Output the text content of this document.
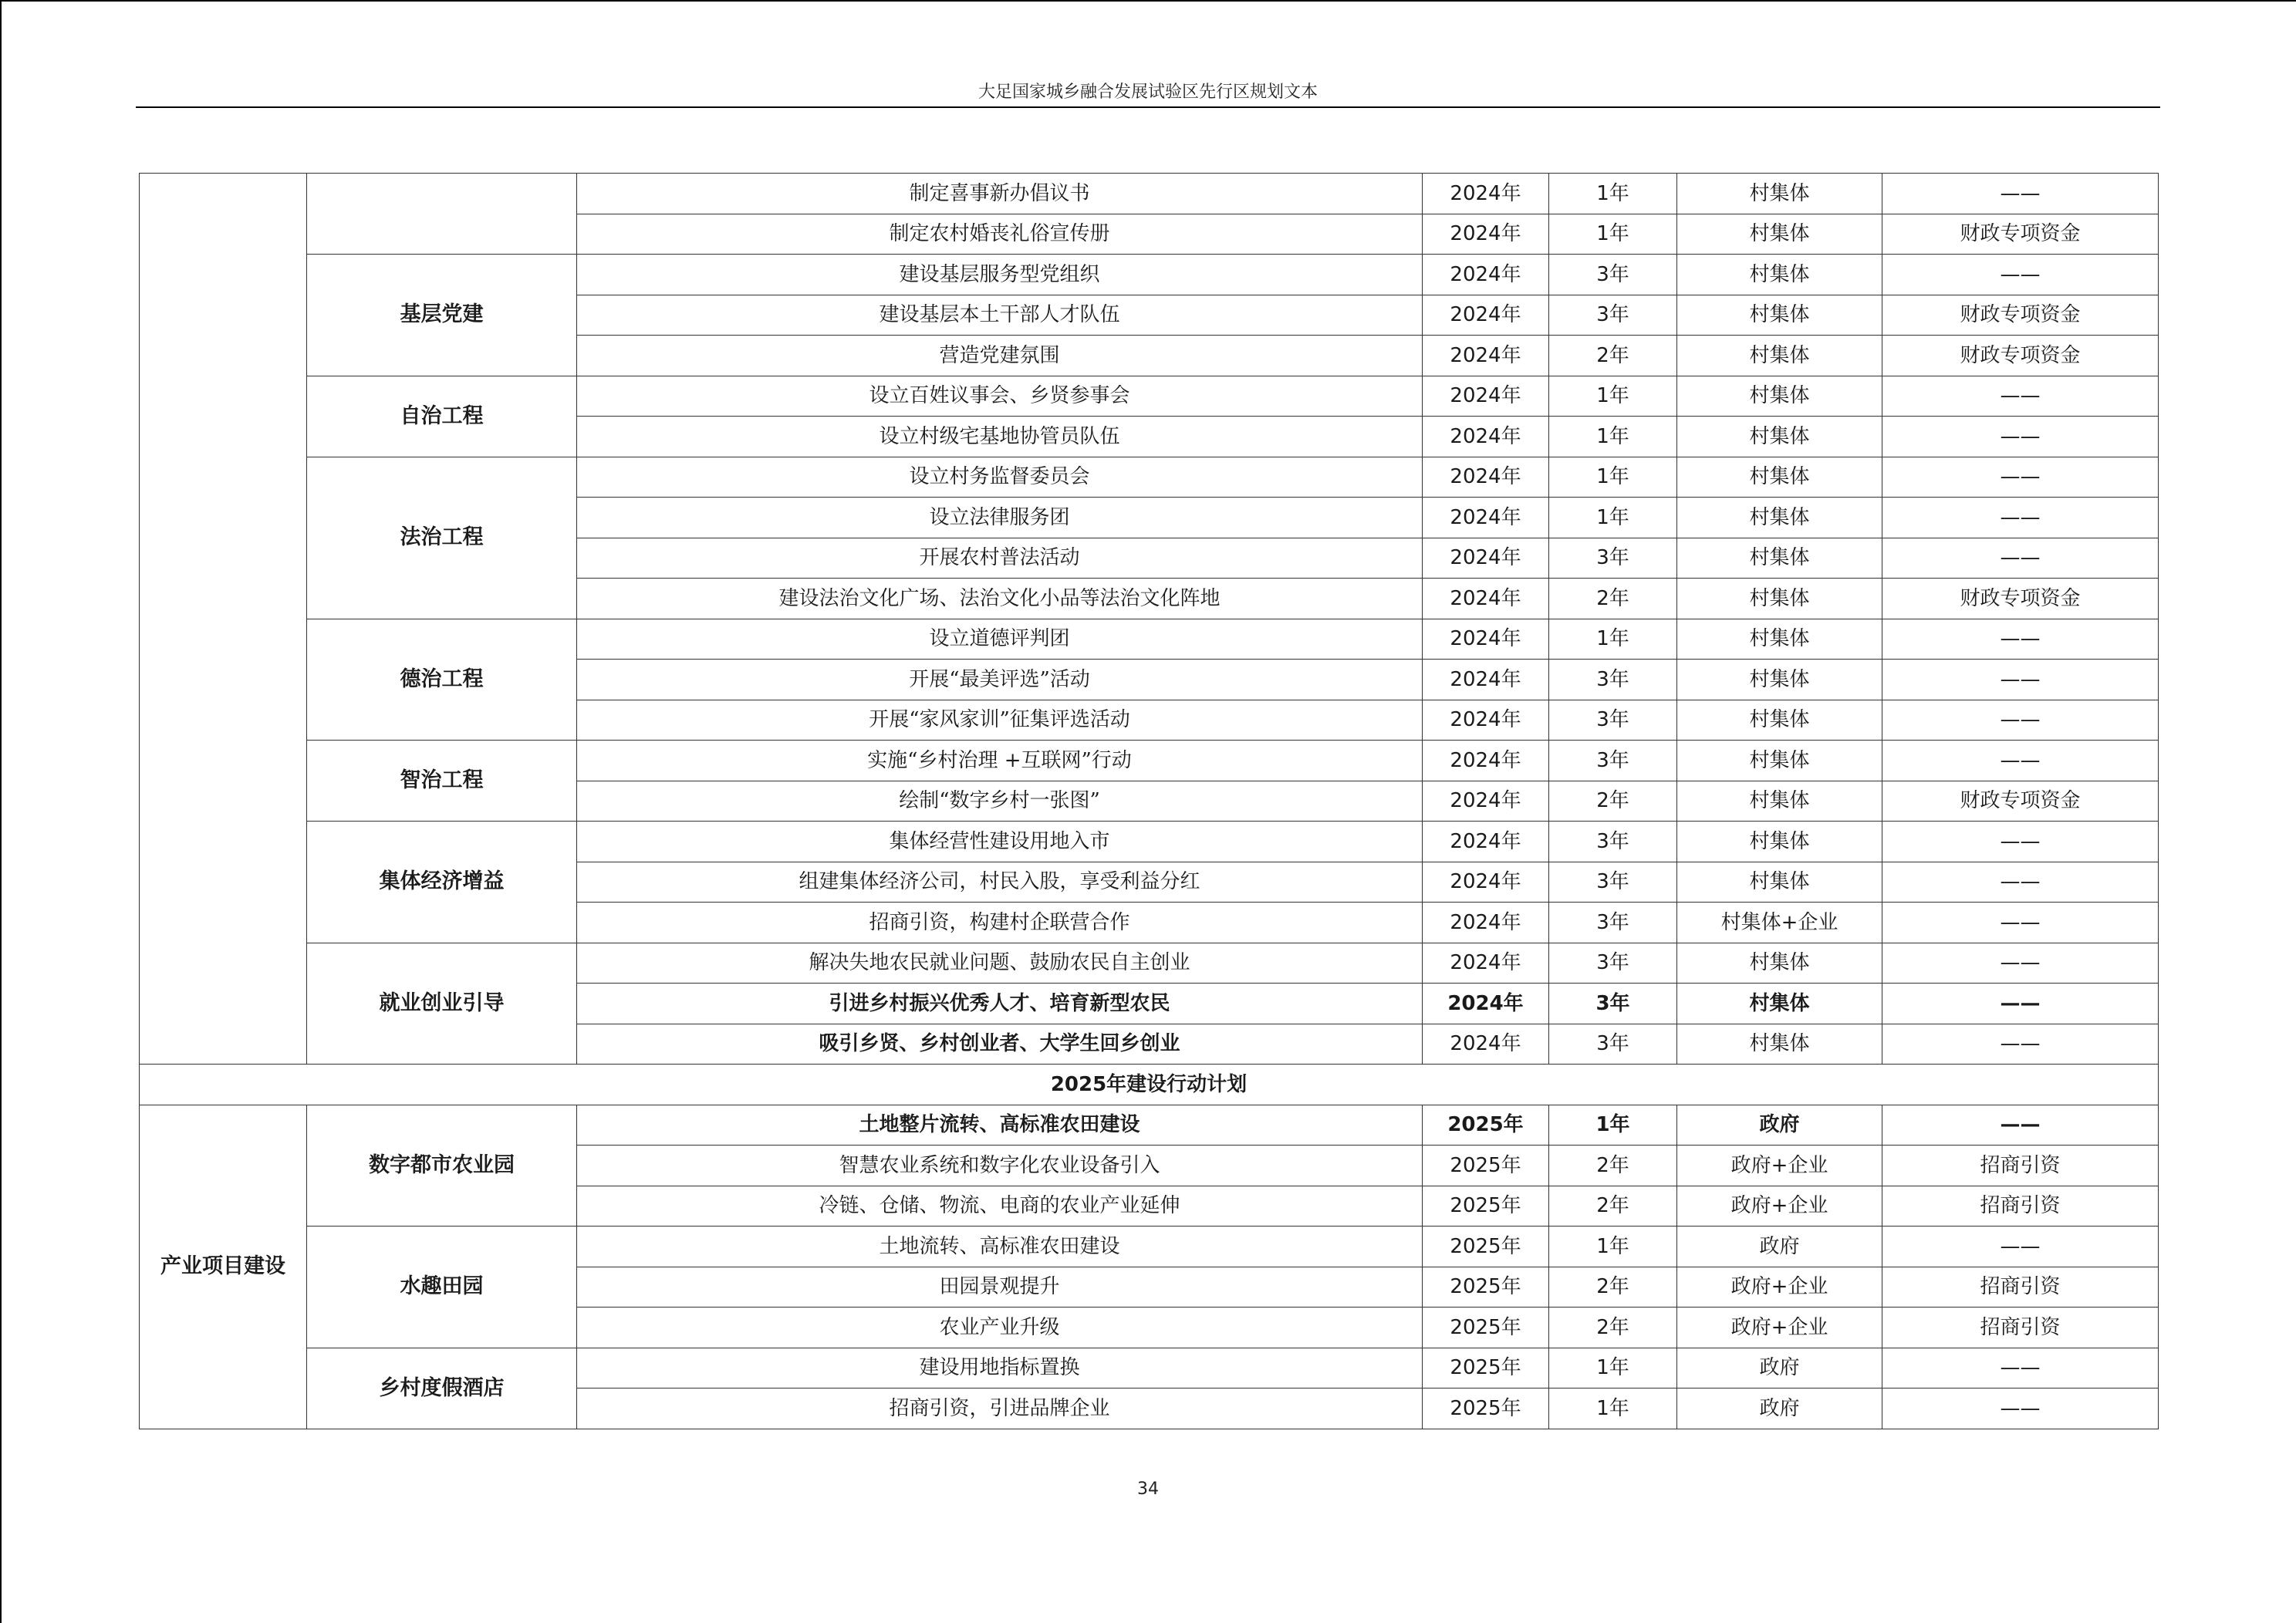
大足国家城乡融合发展试验区先行区规划文本
		制定喜事新办倡议书	2024年	1年	村集体	——
		制定农村婚丧礼俗宣传册	2024年	1年	村集体	财政专项资金
	基层党建	建设基层服务型党组织	2024年	3年	村集体	——
		建设基层本土干部人才队伍	2024年	3年	村集体	财政专项资金
		营造党建氛围	2024年	2年	村集体	财政专项资金
	自治工程	设立百姓议事会、乡贤参事会	2024年	1年	村集体	——
		设立村级宅基地协管员队伍	2024年	1年	村集体	——
	法治工程	设立村务监督委员会	2024年	1年	村集体	——
		设立法律服务团	2024年	1年	村集体	——
		开展农村普法活动	2024年	3年	村集体	——
		建设法治文化广场、法治文化小品等法治文化阵地	2024年	2年	村集体	财政专项资金
	德治工程	设立道德评判团	2024年	1年	村集体	——
		开展“最美评选”活动	2024年	3年	村集体	——
		开展“家风家训”征集评选活动	2024年	3年	村集体	——
	智治工程	实施“乡村治理 +互联网”行动	2024年	3年	村集体	——
		绘制“数字乡村一张图”	2024年	2年	村集体	财政专项资金
	集体经济增益	集体经营性建设用地入市	2024年	3年	村集体	——
		组建集体经济公司，村民入股，享受利益分红	2024年	3年	村集体	——
		招商引资，构建村企联营合作	2024年	3年	村集体+企业	——
	就业创业引导	解决失地农民就业问题、鼓励农民自主创业	2024年	3年	村集体	——
		引进乡村振兴优秀人才、培育新型农民	2024年	3年	村集体	——
		吸引乡贤、乡村创业者、大学生回乡创业	2024年	3年	村集体	——
2025年建设行动计划						
产业项目建设	数字都市农业园	土地整片流转、高标准农田建设	2025年	1年	政府	——
		智慧农业系统和数字化农业设备引入	2025年	2年	政府+企业	招商引资
		冷链、仓储、物流、电商的农业产业延伸	2025年	2年	政府+企业	招商引资
	水趣田园	土地流转、高标准农田建设	2025年	1年	政府	——
		田园景观提升	2025年	2年	政府+企业	招商引资
		农业产业升级	2025年	2年	政府+企业	招商引资
	乡村度假酒店	建设用地指标置换	2025年	1年	政府	——
		招商引资，引进品牌企业	2025年	1年	政府	——
34
